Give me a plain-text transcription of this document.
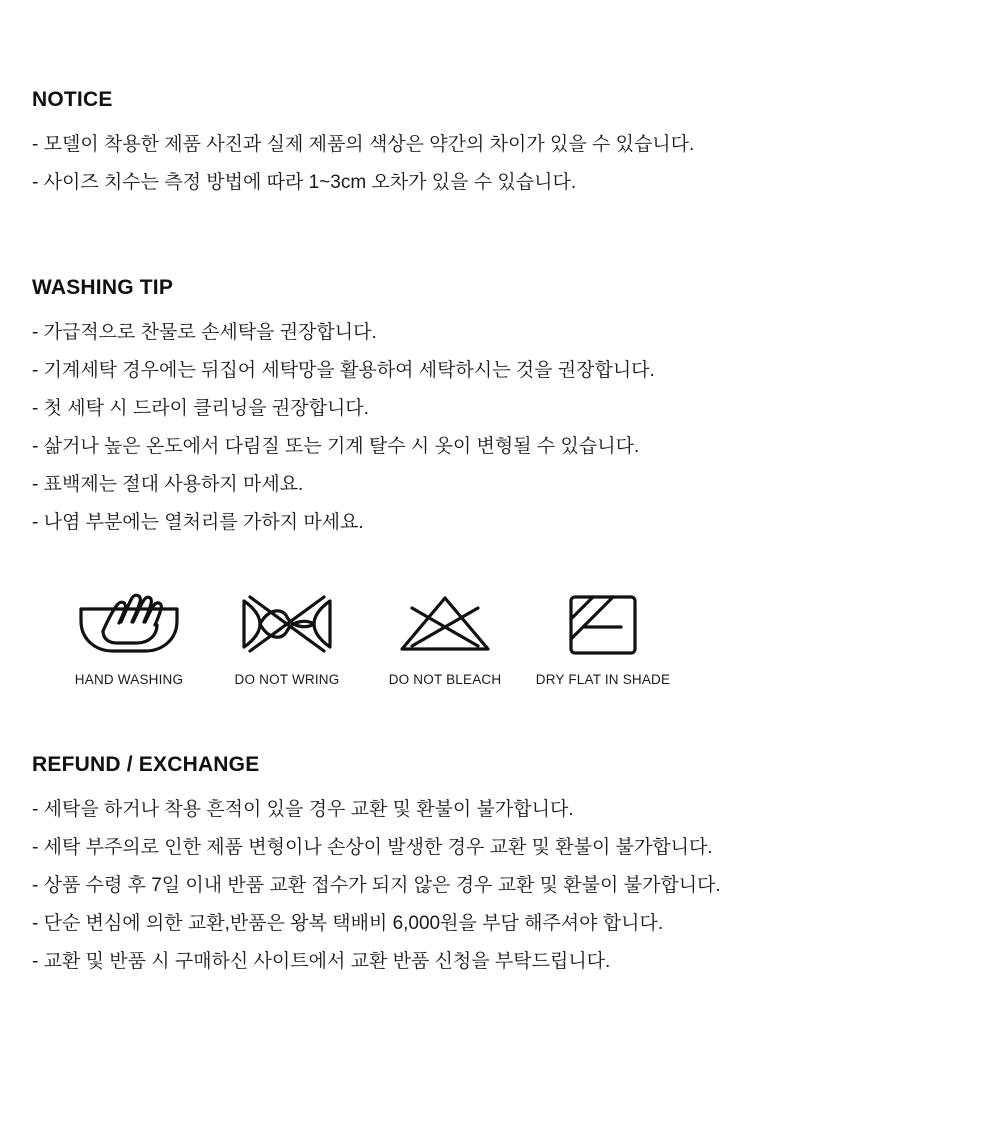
NOTICE
- 모델이 착용한 제품 사진과 실제 제품의 색상은 약간의 차이가 있을 수 있습니다.
- 사이즈 치수는 측정 방법에 따라 1~3cm 오차가 있을 수 있습니다.
WASHING TIP
- 가급적으로 찬물로 손세탁을 권장합니다.
- 기계세탁 경우에는 뒤집어 세탁망을 활용하여 세탁하시는 것을 권장합니다.
- 첫 세탁 시 드라이 클리닝을 권장합니다.
- 삶거나 높은 온도에서 다림질 또는 기계 탈수 시 옷이 변형될 수 있습니다.
- 표백제는 절대 사용하지 마세요.
- 나염 부분에는 열처리를 가하지 마세요.
HAND WASHING	DO NOT WRING	DO NOT BLEACH	DRY FLAT IN SHADE
REFUND / EXCHANGE
- 세탁을 하거나 착용 흔적이 있을 경우 교환 및 환불이 불가합니다.
- 세탁 부주의로 인한 제품 변형이나 손상이 발생한 경우 교환 및 환불이 불가합니다.
- 상품 수령 후 7일 이내 반품 교환 접수가 되지 않은 경우 교환 및 환불이 불가합니다.
- 단순 변심에 의한 교환,반품은 왕복 택배비 6,000원을 부담 해주셔야 합니다.
- 교환 및 반품 시 구매하신 사이트에서 교환 반품 신청을 부탁드립니다.
